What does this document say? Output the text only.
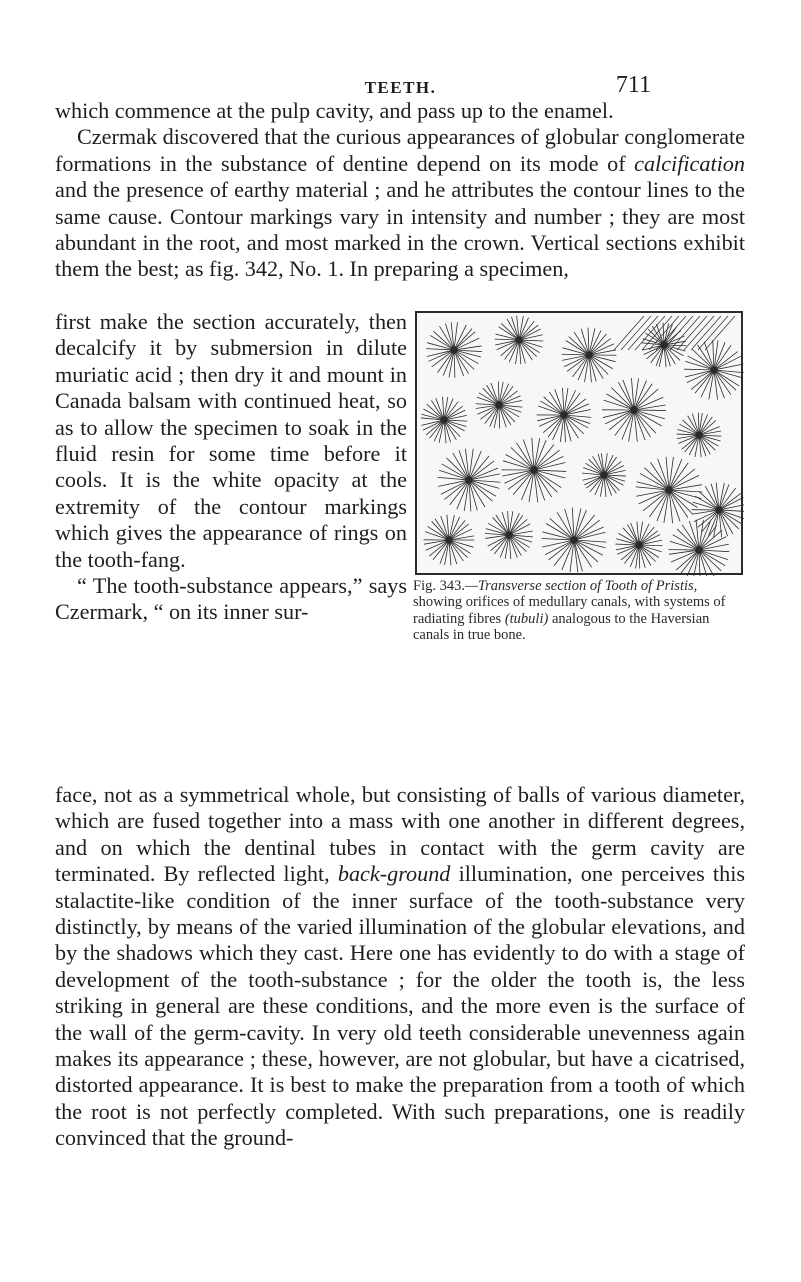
TEETH.	711

which commence at the pulp cavity, and pass up to the enamel.

Czermak discovered that the curious appearances of globular conglomerate formations in the substance of dentine depend on its mode of calcification and the presence of earthy material ; and he attributes the contour lines to the same cause. Contour markings vary in intensity and number ; they are most abundant in the root, and most marked in the crown. Vertical sections exhibit them the best; as fig. 342, No. 1. In preparing a specimen,

first make the section accurately, then decalcify it by submersion in dilute muriatic acid ; then dry it and mount in Canada balsam with continued heat, so as to allow the specimen to soak in the fluid resin for some time before it cools. It is the white opacity at the extremity of the contour markings which gives the appearance of rings on the tooth-fang.

“ The tooth-substance appears,” says Czermark, “ on its inner sur-

Fig. 343.—Transverse section of Tooth of Pristis, showing orifices of medullary canals, with systems of radiating fibres (tubuli) analogous to the Haversian canals in true bone.

face, not as a symmetrical whole, but consisting of balls of various diameter, which are fused together into a mass with one another in different degrees, and on which the dentinal tubes in contact with the germ cavity are terminated. By reflected light, back-ground illumination, one perceives this stalactite-like condition of the inner surface of the tooth-substance very distinctly, by means of the varied illumination of the globular elevations, and by the shadows which they cast. Here one has evidently to do with a stage of development of the tooth-substance ; for the older the tooth is, the less striking in general are these conditions, and the more even is the surface of the wall of the germ-cavity. In very old teeth considerable unevenness again makes its appearance ; these, however, are not globular, but have a cicatrised, distorted appearance. It is best to make the preparation from a tooth of which the root is not perfectly completed. With such preparations, one is readily convinced that the ground-
